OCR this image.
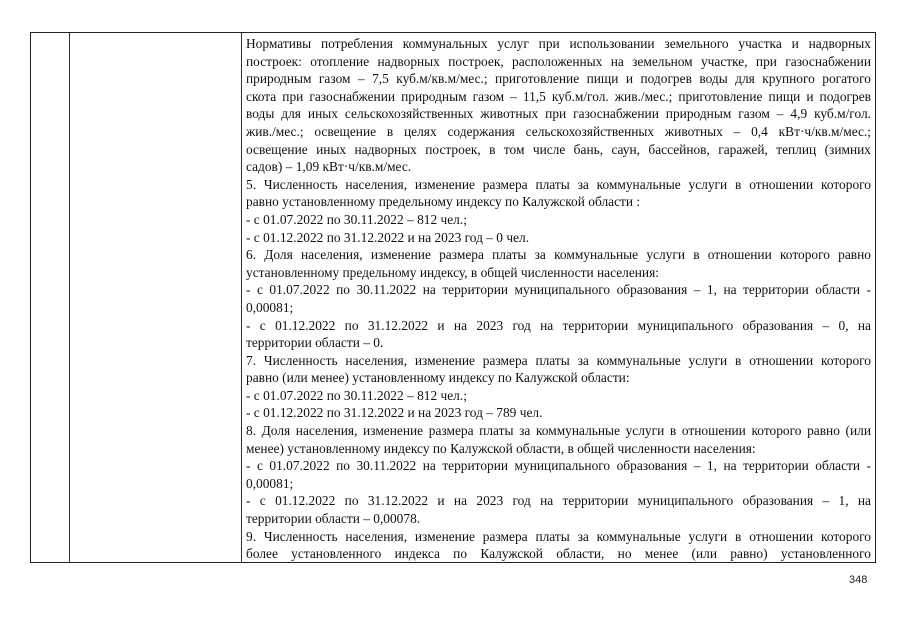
Нормативы потребления коммунальных услуг при использовании земельного участка и надворных
построек: отопление надворных построек, расположенных на земельном участке, при газоснабжении
природным газом – 7,5 куб.м/кв.м/мес.; приготовление пищи и подогрев воды для крупного рогатого
скота при газоснабжении природным газом – 11,5 куб.м/гол. жив./мес.; приготовление пищи и подогрев
воды для иных сельскохозяйственных животных при газоснабжении природным газом – 4,9 куб.м/гол.
жив./мес.; освещение в целях содержания сельскохозяйственных животных – 0,4 кВт·ч/кв.м/мес.;
освещение иных надворных построек, в том числе бань, саун, бассейнов, гаражей, теплиц (зимних
садов) – 1,09 кВт·ч/кв.м/мес.
5. Численность населения, изменение размера платы за коммунальные услуги в отношении которого
равно установленному предельному индексу по Калужской области :
- с 01.07.2022 по 30.11.2022 – 812 чел.;
- с 01.12.2022 по 31.12.2022 и на 2023 год – 0 чел.
6. Доля населения, изменение размера платы за коммунальные услуги в отношении которого равно
установленному предельному индексу, в общей численности населения:
- с 01.07.2022 по 30.11.2022 на территории муниципального образования – 1, на территории области -
0,00081;
- с 01.12.2022 по 31.12.2022 и на 2023 год на территории муниципального образования – 0, на
территории области – 0.
7. Численность населения, изменение размера платы за коммунальные услуги в отношении которого
равно (или менее) установленному индексу по Калужской области:
- с 01.07.2022 по 30.11.2022 – 812 чел.;
- с 01.12.2022 по 31.12.2022 и на 2023 год – 789 чел.
8. Доля населения, изменение размера платы за коммунальные услуги в отношении которого равно (или
менее) установленному индексу по Калужской области, в общей численности населения:
- с 01.07.2022 по 30.11.2022 на территории муниципального образования – 1, на территории области -
0,00081;
- с 01.12.2022 по 31.12.2022 и на 2023 год на территории муниципального образования – 1, на
территории области – 0,00078.
9. Численность населения, изменение размера платы за коммунальные услуги в отношении которого
более установленного индекса по Калужской области, но менее (или равно) установленного
348
